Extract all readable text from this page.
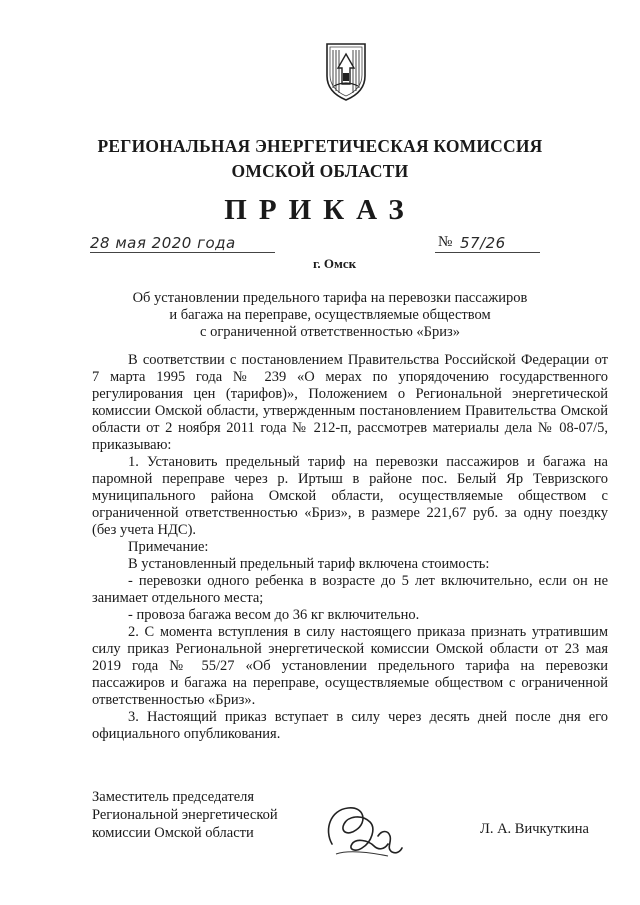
РЕГИОНАЛЬНАЯ ЭНЕРГЕТИЧЕСКАЯ КОМИССИЯ
ОМСКОЙ ОБЛАСТИ
ПРИКАЗ
28 мая 2020 года	№ 57/26
г. Омск
Об установлении предельного тарифа на перевозки пассажиров
и багажа на переправе, осуществляемые обществом
с ограниченной ответственностью «Бриз»

В соответствии с постановлением Правительства Российской Федерации от 7 марта 1995 года № 239 «О мерах по упорядочению государственного регулирования цен (тарифов)», Положением о Региональной энергетической комиссии Омской области, утвержденным постановлением Правительства Омской области от 2 ноября 2011 года № 212-п, рассмотрев материалы дела № 08-07/5, приказываю:

1. Установить предельный тариф на перевозки пассажиров и багажа на паромной переправе через р. Иртыш в районе пос. Белый Яр Тевризского муниципального района Омской области, осуществляемые обществом с ограниченной ответственностью «Бриз», в размере 221,67 руб. за одну поездку (без учета НДС).

Примечание:

В установленный предельный тариф включена стоимость:

- перевозки одного ребенка в возрасте до 5 лет включительно, если он не занимает отдельного места;

- провоза багажа весом до 36 кг включительно.

2. С момента вступления в силу настоящего приказа признать утратившим силу приказ Региональной энергетической комиссии Омской области от 23 мая 2019 года № 55/27 «Об установлении предельного тарифа на перевозки пассажиров и багажа на переправе, осуществляемые обществом с ограниченной ответственностью «Бриз».

3. Настоящий приказ вступает в силу через десять дней после дня его официального опубликования.

Заместитель председателя
Региональной энергетической
комиссии Омской области	Л. А. Вичкуткина
